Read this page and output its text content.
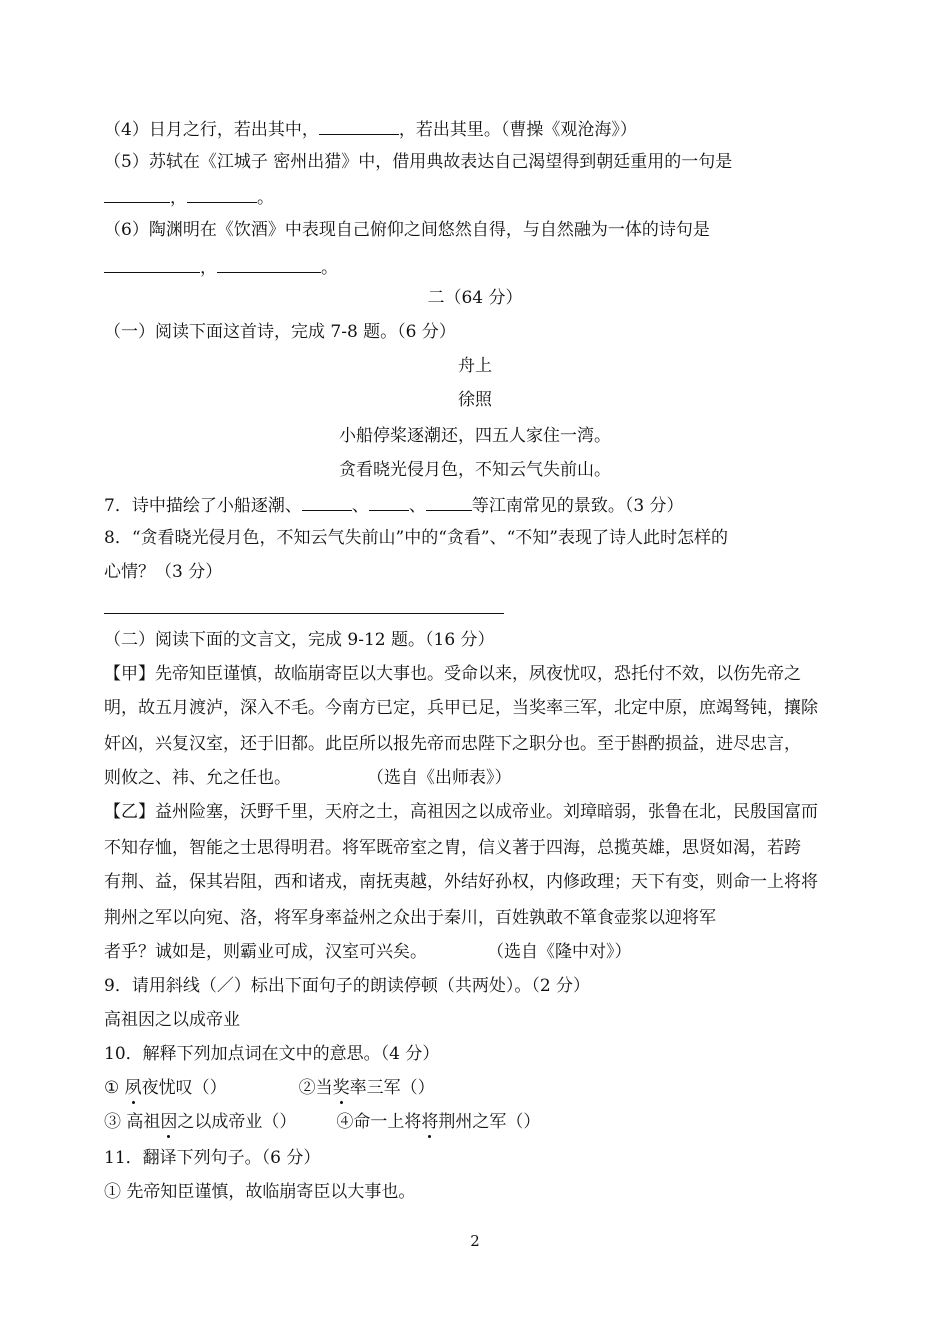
（4）日月之行，若出其中，	，若出其里。（曹操《观沧海》）
（5）苏轼在《江城子 密州出猎》中，借用典故表达自己渴望得到朝廷重用的一句是
，	。
（6）陶渊明在《饮酒》中表现自己俯仰之间悠然自得，与自然融为一体的诗句是
，	。
二（64 分）
（一）阅读下面这首诗，完成 7-8 题。（6 分）
舟上
徐照
小船停桨逐潮还，四五人家住一湾。
贪看晓光侵月色，不知云气失前山。
7．诗中描绘了小船逐潮、	、 、	等江南常见的景致。（3 分）
8．“贪看晓光侵月色，不知云气失前山”中的“贪看”、“不知”表现了诗人此时怎样的
心情？（3 分）
（二）阅读下面的文言文，完成 9-12 题。（16 分）
【甲】先帝知臣谨慎，故临崩寄臣以大事也。受命以来，夙夜忧叹，恐托付不效，以伤先帝之
明，故五月渡泸，深入不毛。今南方已定，兵甲已足，当奖率三军，北定中原，庶竭驽钝，攘除
奸凶，兴复汉室，还于旧都。此臣所以报先帝而忠陛下之职分也。至于斟酌损益，进尽忠言，
则攸之、祎、允之任也。	（选自《出师表》）
【乙】益州险塞，沃野千里，天府之土，高祖因之以成帝业。刘璋暗弱，张鲁在北，民殷国富而
不知存恤，智能之士思得明君。将军既帝室之胄，信义著于四海，总揽英雄，思贤如渴，若跨
有荆、益，保其岩阻，西和诸戎，南抚夷越，外结好孙权，内修政理；天下有变，则命一上将将
荆州之军以向宛、洛，将军身率益州之众出于秦川，百姓孰敢不箪食壶浆以迎将军
者乎？诚如是，则霸业可成，汉室可兴矣。	（选自《隆中对》）
9．请用斜线（／）标出下面句子的朗读停顿（共两处）。（2 分）
高祖因之以成帝业
10．解释下列加点词在文中的意思。（4 分）
① 夙夜忧叹（）	②当奖率三军（）
③ 高祖因之以成帝业（） ④命一上将将荆州之军（）
11．翻译下列句子。（6 分）
① 先帝知臣谨慎，故临崩寄臣以大事也。
2
